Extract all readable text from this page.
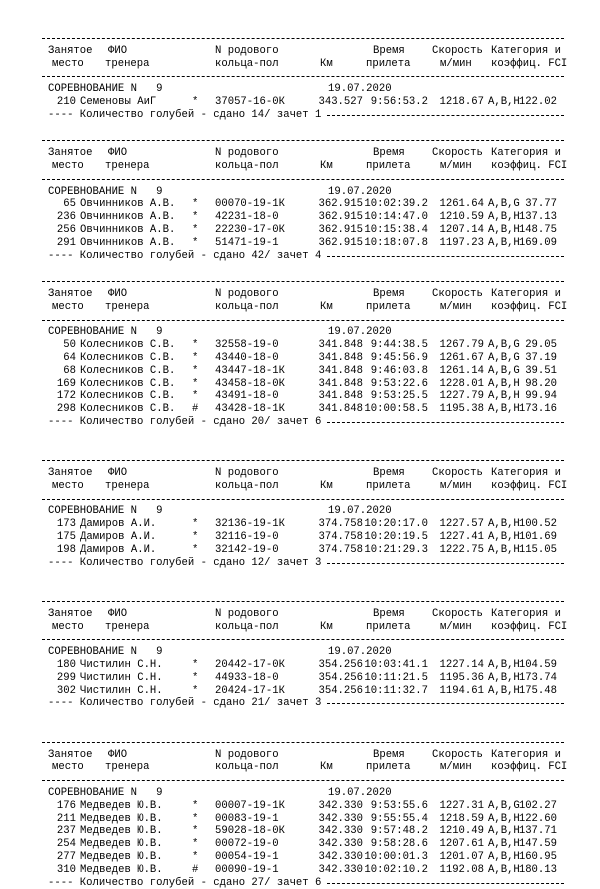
Занятое ФИО	N родового	Время	Скорость Категория и
место тренера	кольца-пол	Км	прилета	м/мин коэффиц. FCI
СОРЕВНОВАНИЕ N   9	19.07.2020
210 Семеновы АиГ	* 37057-16-0К	343.527 9:56:53.2 1218.67 A,B,H 122.02
---- Количество голубей - сдано 14/ зачет 1
Занятое ФИО	N родового	Время	Скорость Категория и
место тренера	кольца-пол	Км	прилета	м/мин коэффиц. FCI
СОРЕВНОВАНИЕ N   9	19.07.2020
65 Овчинников А.В. * 00070-19-1К	362.915 10:02:39.2 1261.64 A,B,G 37.77
236 Овчинников А.В. * 42231-18-0	362.915 10:14:47.0 1210.59 A,B,H 137.13
256 Овчинников А.В. * 22230-17-0К	362.915 10:15:38.4 1207.14 A,B,H 148.75
291 Овчинников А.В. * 51471-19-1	362.915 10:18:07.8 1197.23 A,B,H 169.09
---- Количество голубей - сдано 42/ зачет 4
Занятое ФИО	N родового	Время	Скорость Категория и
место тренера	кольца-пол	Км	прилета	м/мин коэффиц. FCI
СОРЕВНОВАНИЕ N   9	19.07.2020
50 Колесников С.В. * 32558-19-0	341.848 9:44:38.5 1267.79 A,B,G 29.05
64 Колесников С.В. * 43440-18-0	341.848 9:45:56.9 1261.67 A,B,G 37.19
68 Колесников С.В. * 43447-18-1К	341.848 9:46:03.8 1261.14 A,B,G 39.51
169 Колесников С.В. * 43458-18-0К	341.848 9:53:22.6 1228.01 A,B,H 98.20
172 Колесников С.В. * 43491-18-0	341.848 9:53:25.5 1227.79 A,B,H 99.94
298 Колесников С.В. # 43428-18-1К	341.848 10:00:58.5 1195.38 A,B,H 173.16
---- Количество голубей - сдано 20/ зачет 6
Занятое ФИО	N родового	Время	Скорость Категория и
место тренера	кольца-пол	Км	прилета	м/мин коэффиц. FCI
СОРЕВНОВАНИЕ N   9	19.07.2020
173 Дамиров А.И.	* 32136-19-1К	374.758 10:20:17.0 1227.57 A,B,H 100.52
175 Дамиров А.И.	* 32116-19-0	374.758 10:20:19.5 1227.41 A,B,H 101.69
198 Дамиров А.И.	* 32142-19-0	374.758 10:21:29.3 1222.75 A,B,H 115.05
---- Количество голубей - сдано 12/ зачет 3
Занятое ФИО	N родового	Время	Скорость Категория и
место тренера	кольца-пол	Км	прилета	м/мин коэффиц. FCI
СОРЕВНОВАНИЕ N   9	19.07.2020
180 Чистилин С.Н.	* 20442-17-0К	354.256 10:03:41.1 1227.14 A,B,H 104.59
299 Чистилин С.Н.	* 44933-18-0	354.256 10:11:21.5 1195.36 A,B,H 173.74
302 Чистилин С.Н.	* 20424-17-1К	354.256 10:11:32.7 1194.61 A,B,H 175.48
---- Количество голубей - сдано 21/ зачет 3
Занятое ФИО	N родового	Время	Скорость Категория и
место тренера	кольца-пол	Км	прилета	м/мин коэффиц. FCI
СОРЕВНОВАНИЕ N   9	19.07.2020
176 Медведев Ю.В.	* 00007-19-1К	342.330 9:53:55.6 1227.31 A,B,G 102.27
211 Медведев Ю.В.	* 00083-19-1	342.330 9:55:55.4 1218.59 A,B,H 122.60
237 Медведев Ю.В.	* 59028-18-0К	342.330 9:57:48.2 1210.49 A,B,H 137.71
254 Медведев Ю.В.	* 00072-19-0	342.330 9:58:28.6 1207.61 A,B,H 147.59
277 Медведев Ю.В.	* 00054-19-1	342.330 10:00:01.3 1201.07 A,B,H 160.95
310 Медведев Ю.В.	# 00090-19-1	342.330 10:02:10.2 1192.08 A,B,H 180.13
---- Количество голубей - сдано 27/ зачет 6
